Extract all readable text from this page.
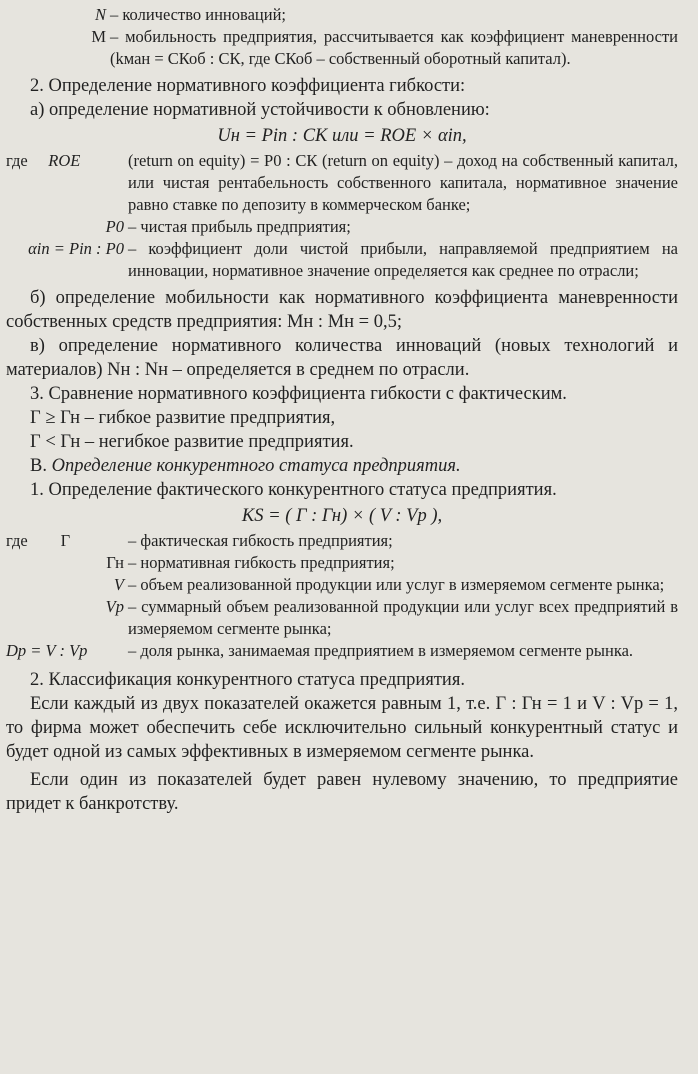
N – количество инноваций;
М – мобильность предприятия, рассчитывается как коэффициент маневренности (kман = СКоб : СК, где СКоб – собственный оборотный капитал).
2. Определение нормативного коэффициента гибкости:
а) определение нормативной устойчивости к обновлению:
Uн = Pin : СК или = ROE × αin,
где ROE	(return on equity) = P0 : СК (return on equity) – доход на собственный капитал, или чистая рентабельность собственного капитала, нормативное значение равно ставке по депозиту в коммерческом банке;
P0 – чистая прибыль предприятия;
αin = Pin : P0 – коэффициент доли чистой прибыли, направляемой предприятием на инновации, нормативное значение определяется как среднее по отрасли;
б) определение мобильности как нормативного коэффициента маневренности собственных средств предприятия: Мн : Мн = 0,5;
в) определение нормативного количества инноваций (новых технологий и материалов) Nн : Nн – определяется в среднем по отрасли.
3. Сравнение нормативного коэффициента гибкости с фактическим.
Г ≥ Гн – гибкое развитие предприятия,
Г < Гн – негибкое развитие предприятия.
В. Определение конкурентного статуса предприятия.
1. Определение фактического конкурентного статуса предприятия.
KS = ( Г : Гн) × ( V : Vр ),
где Г	– фактическая гибкость предприятия;
Гн – нормативная гибкость предприятия;
V – объем реализованной продукции или услуг в измеряемом сегменте рынка;
Vр – суммарный объем реализованной продукции или услуг всех предприятий в измеряемом сегменте рынка;
Dр = V : Vр	– доля рынка, занимаемая предприятием в измеряемом сегменте рынка.
2. Классификация конкурентного статуса предприятия.
Если каждый из двух показателей окажется равным 1, т.е. Г : Гн = 1 и V : Vр = 1, то фирма может обеспечить себе исключительно сильный конкурентный статус и будет одной из самых эффективных в измеряемом сегменте рынка.
Если один из показателей будет равен нулевому значению, то предприятие придет к банкротству.
